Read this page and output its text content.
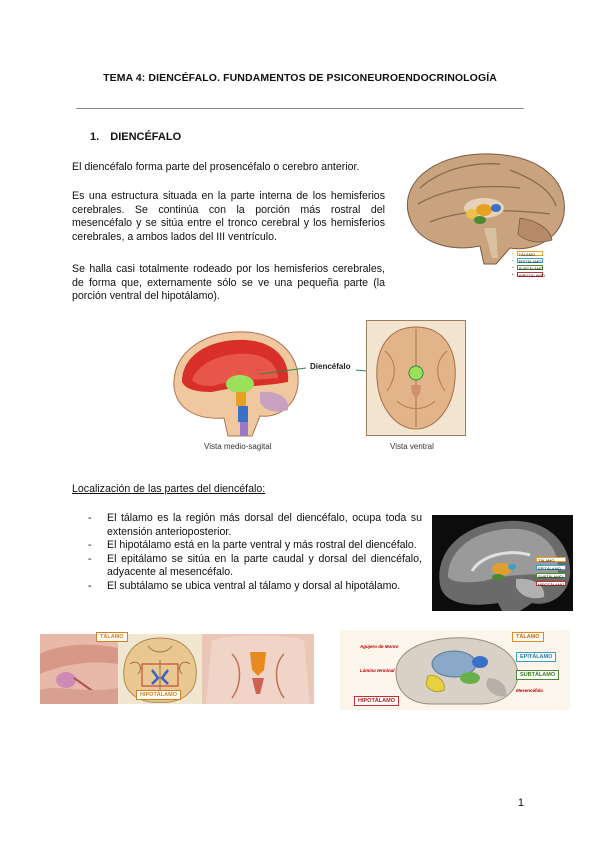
TEMA 4: DIENCÉFALO. FUNDAMENTOS DE PSICONEUROENDOCRINOLOGÍA
1. DIENCÉFALO
El diencéfalo forma parte del prosencéfalo o cerebro anterior.
Es una estructura situada en la parte interna de los hemisferios cerebrales. Se continúa con la porción más rostral del mesencéfalo y se sitúa entre el tronco cerebral y los hemisferios cerebrales, a ambos lados del III ventrículo.
Se halla casi totalmente rodeado por los hemisferios cerebrales, de forma que, externamente sólo se ve una pequeña parte (la porción ventral del hipotálamo).
•	TÁLAMO
•	EPITÁLAMO
•	SUBTÁLAMO
•	HIPOTÁLAMO
Diencéfalo
Vista medio-sagital	Vista ventral
Localización de las partes del diencéfalo:
- El tálamo es la región más dorsal del diencéfalo, ocupa toda su extensión anterioposterior.
- El hipotálamo está en la parte ventral y más rostral del diencéfalo.
- El epitálamo se sitúa en la parte caudal y dorsal del diencéfalo, adyacente al mesencéfalo.
- El subtálamo se ubica ventral al tálamo y dorsal al hipotálamo.
TÁLAMO
EPITÁLAMO
SUBTÁLAMO
HIPOTÁLAMO
TÁLAMO
HIPOTÁLAMO
TÁLAMO
EPITÁLAMO
SUBTÁLAMO
HIPOTÁLAMO
Agujero de Monro
Lámina terminal
Mesencéfalo
1
